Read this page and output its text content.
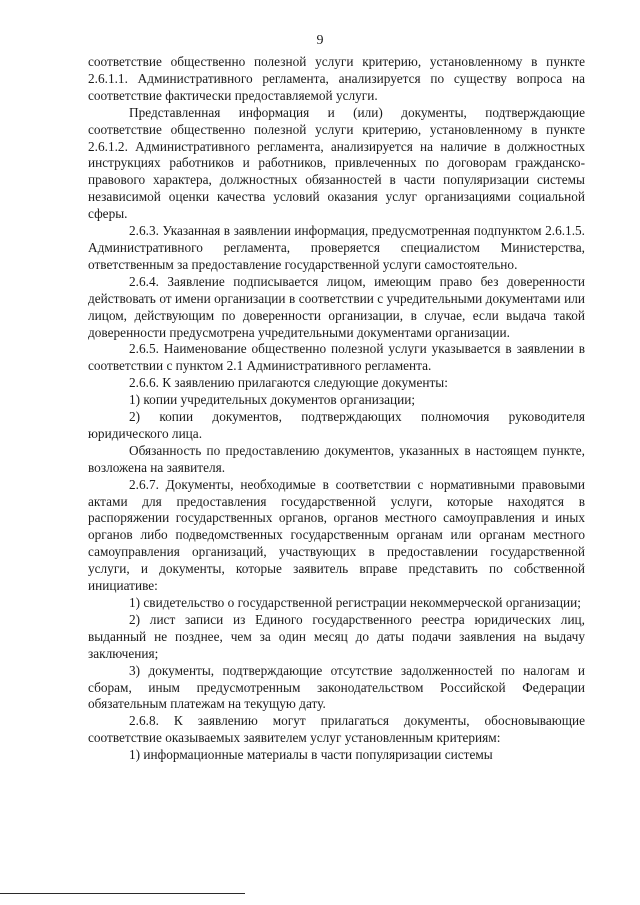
9

соответствие общественно полезной услуги критерию, установленному в пункте 2.6.1.1. Административного регламента, анализируется по существу вопроса на соответствие фактически предоставляемой услуги.

Представленная информация и (или) документы, подтверждающие соответствие общественно полезной услуги критерию, установленному в пункте 2.6.1.2. Административного регламента, анализируется на наличие в должностных инструкциях работников и работников, привлеченных по договорам гражданско-правового характера, должностных обязанностей в части популяризации системы независимой оценки качества условий оказания услуг организациями социальной сферы.

2.6.3. Указанная в заявлении информация, предусмотренная подпунктом 2.6.1.5. Административного регламента, проверяется специалистом Министерства, ответственным за предоставление государственной услуги самостоятельно.

2.6.4. Заявление подписывается лицом, имеющим право без доверенности действовать от имени организации в соответствии с учредительными документами или лицом, действующим по доверенности организации, в случае, если выдача такой доверенности предусмотрена учредительными документами организации.

2.6.5. Наименование общественно полезной услуги указывается в заявлении в соответствии с пунктом 2.1 Административного регламента.

2.6.6. К заявлению прилагаются следующие документы:

1) копии учредительных документов организации;

2) копии документов, подтверждающих полномочия руководителя юридического лица.

Обязанность по предоставлению документов, указанных в настоящем пункте, возложена на заявителя.

2.6.7. Документы, необходимые в соответствии с нормативными правовыми актами для предоставления государственной услуги, которые находятся в распоряжении государственных органов, органов местного самоуправления и иных органов либо подведомственных государственным органам или органам местного самоуправления организаций, участвующих в предоставлении государственной услуги, и документы, которые заявитель вправе представить по собственной инициативе:

1) свидетельство о государственной регистрации некоммерческой организации;

2) лист записи из Единого государственного реестра юридических лиц, выданный не позднее, чем за один месяц до даты подачи заявления на выдачу заключения;

3) документы, подтверждающие отсутствие задолженностей по налогам и сборам, иным предусмотренным законодательством Российской Федерации обязательным платежам на текущую дату.

2.6.8. К заявлению могут прилагаться документы, обосновывающие соответствие оказываемых заявителем услуг установленным критериям:

1) информационные материалы в части популяризации системы
